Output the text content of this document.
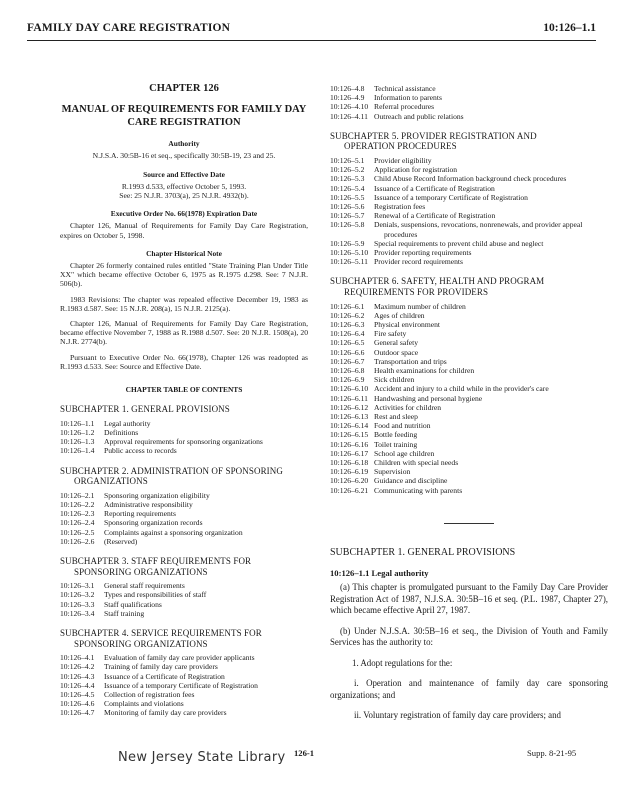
FAMILY DAY CARE REGISTRATION	10:126–1.1
CHAPTER 126
MANUAL OF REQUIREMENTS FOR FAMILY DAY CARE REGISTRATION
Authority

N.J.S.A. 30:5B-16 et seq., specifically 30:5B-19, 23 and 25.

Source and Effective Date
R.1993 d.533, effective October 5, 1993.

See: 25 N.J.R. 3703(a), 25 N.J.R. 4932(b).

Executive Order No. 66(1978) Expiration Date

Chapter 126, Manual of Requirements for Family Day Care Registration, expires on October 5, 1998.

Chapter Historical Note

Chapter 26 formerly contained rules entitled "State Training Plan Under Title XX" which became effective October 6, 1975 as R.1975 d.298. See: 7 N.J.R. 506(b).

1983 Revisions: The chapter was repealed effective December 19, 1983 as R.1983 d.587. See: 15 N.J.R. 208(a), 15 N.J.R. 2125(a).

Chapter 126, Manual of Requirements for Family Day Care Registration, became effective November 7, 1988 as R.1988 d.507. See: 20 N.J.R. 1508(a), 20 N.J.R. 2774(b).

Pursuant to Executive Order No. 66(1978), Chapter 126 was readopted as R.1993 d.533. See: Source and Effective Date.

CHAPTER TABLE OF CONTENTS
SUBCHAPTER 1. GENERAL PROVISIONS
10:126–1.1	Legal authority
10:126–1.2	Definitions
10:126–1.3	Approval requirements for sponsoring organizations
10:126–1.4	Public access to records
SUBCHAPTER 2. ADMINISTRATION OF SPONSORING
ORGANIZATIONS
10:126–2.1	Sponsoring organization eligibility
10:126–2.2	Administrative responsibility
10:126–2.3	Reporting requirements
10:126–2.4	Sponsoring organization records
10:126–2.5	Complaints against a sponsoring organization
10:126–2.6	(Reserved)
SUBCHAPTER 3. STAFF REQUIREMENTS FOR
SPONSORING ORGANIZATIONS
10:126–3.1	General staff requirements
10:126–3.2	Types and responsibilities of staff
10:126–3.3	Staff qualifications
10:126–3.4	Staff training
SUBCHAPTER 4. SERVICE REQUIREMENTS FOR
SPONSORING ORGANIZATIONS
10:126–4.1	Evaluation of family day care provider applicants
10:126–4.2	Training of family day care providers
10:126–4.3	Issuance of a Certificate of Registration
10:126–4.4	Issuance of a temporary Certificate of Registration
10:126–4.5	Collection of registration fees
10:126–4.6	Complaints and violations
10:126–4.7	Monitoring of family day care providers
10:126–4.8	Technical assistance
10:126–4.9	Information to parents
10:126–4.10 Referral procedures
10:126–4.11 Outreach and public relations
SUBCHAPTER 5. PROVIDER REGISTRATION AND
OPERATION PROCEDURES
10:126–5.1	Provider eligibility
10:126–5.2	Application for registration
10:126–5.3	Child Abuse Record Information background check procedures
10:126–5.4	Issuance of a Certificate of Registration
10:126–5.5	Issuance of a temporary Certificate of Registration
10:126–5.6	Registration fees
10:126–5.7	Renewal of a Certificate of Registration
10:126–5.8	Denials, suspensions, revocations, nonrenewals, and provider appeal procedures
10:126–5.9	Special requirements to prevent child abuse and neglect
10:126–5.10 Provider reporting requirements
10:126–5.11 Provider record requirements
SUBCHAPTER 6. SAFETY, HEALTH AND PROGRAM
REQUIREMENTS FOR PROVIDERS
10:126–6.1	Maximum number of children
10:126–6.2	Ages of children
10:126–6.3	Physical environment
10:126–6.4	Fire safety
10:126–6.5	General safety
10:126–6.6	Outdoor space
10:126–6.7	Transportation and trips
10:126–6.8	Health examinations for children
10:126–6.9	Sick children
10:126–6.10 Accident and injury to a child while in the provider's care
10:126–6.11 Handwashing and personal hygiene
10:126–6.12 Activities for children
10:126–6.13 Rest and sleep
10:126–6.14 Food and nutrition
10:126–6.15 Bottle feeding
10:126–6.16 Toilet training
10:126–6.17 School age children
10:126–6.18 Children with special needs
10:126–6.19 Supervision
10:126–6.20 Guidance and discipline
10:126–6.21 Communicating with parents
SUBCHAPTER 1. GENERAL PROVISIONS
10:126–1.1 Legal authority

(a) This chapter is promulgated pursuant to the Family Day Care Provider Registration Act of 1987, N.J.S.A. 30:5B–16 et seq. (P.L. 1987, Chapter 27), which became effective April 27, 1987.

(b) Under N.J.S.A. 30:5B–16 et seq., the Division of Youth and Family Services has the authority to:

1. Adopt regulations for the:

i. Operation and maintenance of family day care sponsoring organizations; and

ii. Voluntary registration of family day care providers; and

New Jersey State Library 126-1	Supp. 8-21-95
